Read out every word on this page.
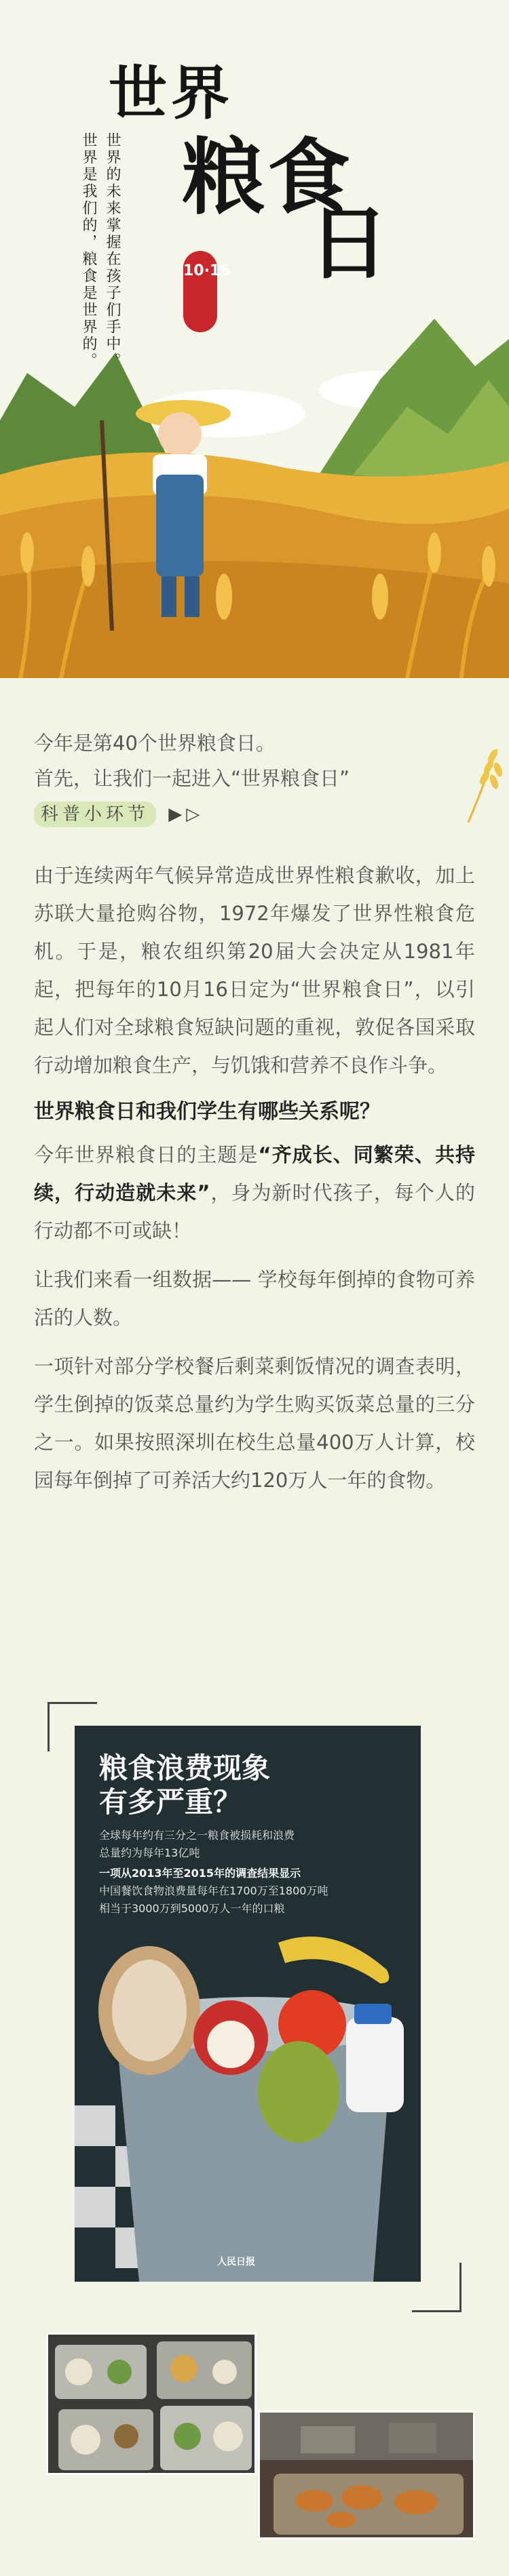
世界
粮食
日
10·16
世界的未来掌握在孩子们手中。
世界是我们的，粮食是世界的。

今年是第40个世界粮食日。

首先，让我们一起进入“世界粮食日”

科普小环节 ▶▷

由于连续两年气候异常造成世界性粮食歉收，加上苏联大量抢购谷物，1972年爆发了世界性粮食危机。于是，粮农组织第20届大会决定从1981年起，把每年的10月16日定为“世界粮食日”，以引起人们对全球粮食短缺问题的重视，敦促各国采取行动增加粮食生产，与饥饿和营养不良作斗争。

世界粮食日和我们学生有哪些关系呢？

今年世界粮食日的主题是“齐成长、同繁荣、共持续，行动造就未来”，身为新时代孩子，每个人的行动都不可或缺！

让我们来看一组数据—— 学校每年倒掉的食物可养活的人数。

一项针对部分学校餐后剩菜剩饭情况的调查表明，学生倒掉的饭菜总量约为学生购买饭菜总量的三分之一。如果按照深圳在校生总量400万人计算，校园每年倒掉了可养活大约120万人一年的食物。

粮食浪费现象
有多严重？
全球每年约有三分之一粮食被损耗和浪费
总量约为每年13亿吨
一项从2013年至2015年的调查结果显示
中国餐饮食物浪费量每年在1700万至1800万吨
相当于3000万到5000万人一年的口粮
人民日报
